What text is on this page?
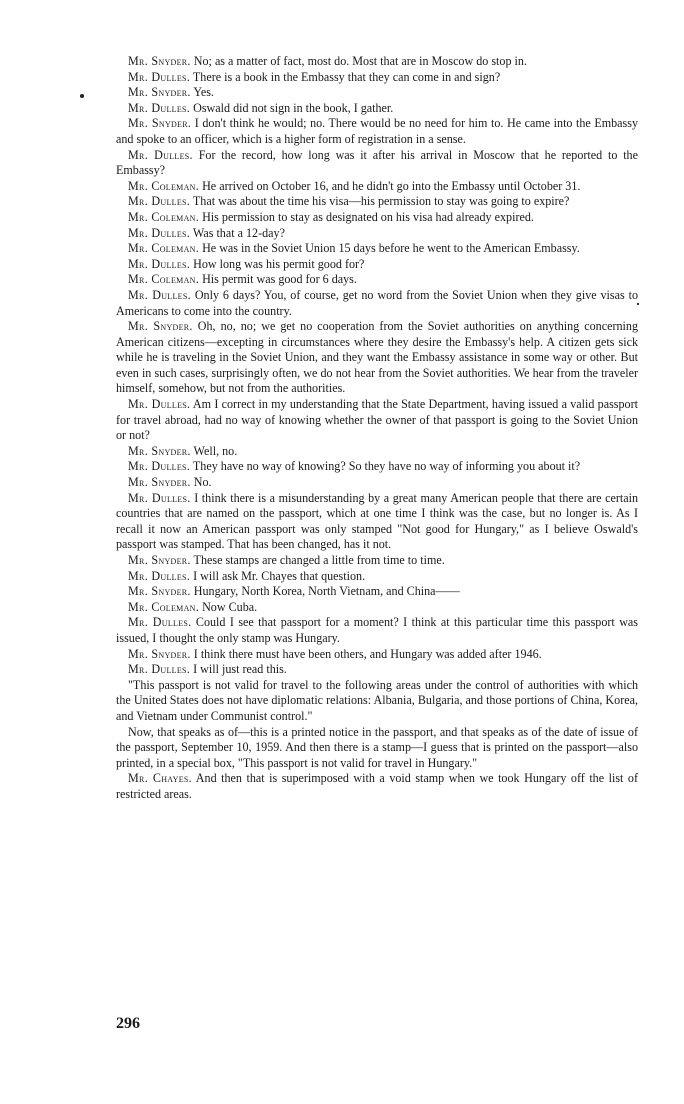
Mr. Snyder. No; as a matter of fact, most do. Most that are in Moscow do stop in.

Mr. Dulles. There is a book in the Embassy that they can come in and sign?

Mr. Snyder. Yes.

Mr. Dulles. Oswald did not sign in the book, I gather.

Mr. Snyder. I don't think he would; no. There would be no need for him to. He came into the Embassy and spoke to an officer, which is a higher form of registration in a sense.

Mr. Dulles. For the record, how long was it after his arrival in Moscow that he reported to the Embassy?

Mr. Coleman. He arrived on October 16, and he didn't go into the Embassy until October 31.

Mr. Dulles. That was about the time his visa—his permission to stay was going to expire?

Mr. Coleman. His permission to stay as designated on his visa had already expired.

Mr. Dulles. Was that a 12-day?

Mr. Coleman. He was in the Soviet Union 15 days before he went to the American Embassy.

Mr. Dulles. How long was his permit good for?

Mr. Coleman. His permit was good for 6 days.

Mr. Dulles. Only 6 days? You, of course, get no word from the Soviet Union when they give visas to Americans to come into the country.

Mr. Snyder. Oh, no, no; we get no cooperation from the Soviet authorities on anything concerning American citizens—excepting in circumstances where they desire the Embassy's help. A citizen gets sick while he is traveling in the Soviet Union, and they want the Embassy assistance in some way or other. But even in such cases, surprisingly often, we do not hear from the Soviet authorities. We hear from the traveler himself, somehow, but not from the authorities.

Mr. Dulles. Am I correct in my understanding that the State Department, having issued a valid passport for travel abroad, had no way of knowing whether the owner of that passport is going to the Soviet Union or not?

Mr. Snyder. Well, no.

Mr. Dulles. They have no way of knowing? So they have no way of informing you about it?

Mr. Snyder. No.

Mr. Dulles. I think there is a misunderstanding by a great many American people that there are certain countries that are named on the passport, which at one time I think was the case, but no longer is. As I recall it now an American passport was only stamped "Not good for Hungary," as I believe Oswald's passport was stamped. That has been changed, has it not.

Mr. Snyder. These stamps are changed a little from time to time.

Mr. Dulles. I will ask Mr. Chayes that question.

Mr. Snyder. Hungary, North Korea, North Vietnam, and China——

Mr. Coleman. Now Cuba.

Mr. Dulles. Could I see that passport for a moment? I think at this particular time this passport was issued, I thought the only stamp was Hungary.

Mr. Snyder. I think there must have been others, and Hungary was added after 1946.

Mr. Dulles. I will just read this.

"This passport is not valid for travel to the following areas under the control of authorities with which the United States does not have diplomatic relations: Albania, Bulgaria, and those portions of China, Korea, and Vietnam under Communist control."

Now, that speaks as of—this is a printed notice in the passport, and that speaks as of the date of issue of the passport, September 10, 1959. And then there is a stamp—I guess that is printed on the passport—also printed, in a special box, "This passport is not valid for travel in Hungary."

Mr. Chayes. And then that is superimposed with a void stamp when we took Hungary off the list of restricted areas.

296
